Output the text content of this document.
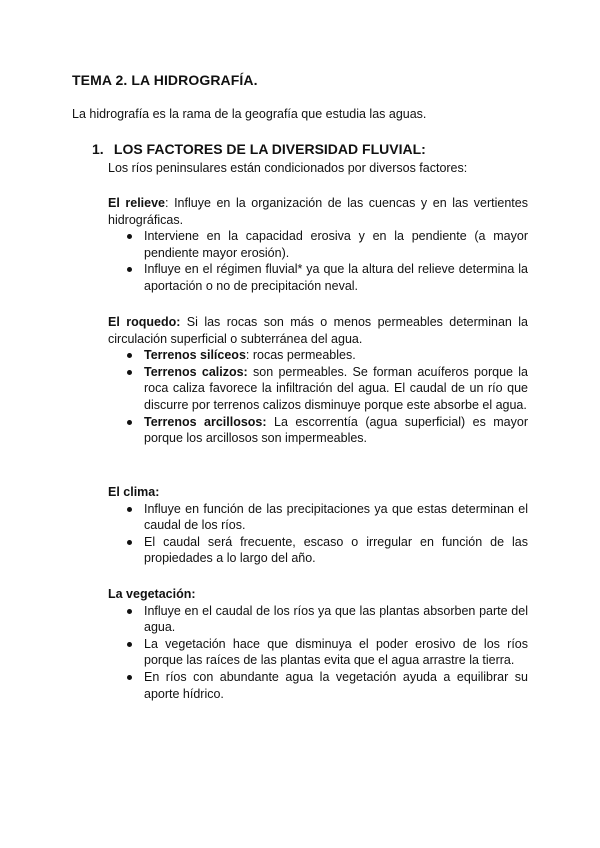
TEMA 2. LA HIDROGRAFÍA.
La hidrografía es la rama de la geografía que estudia las aguas.
1. LOS FACTORES DE LA DIVERSIDAD FLUVIAL:
Los ríos peninsulares están condicionados por diversos factores:

El relieve: Influye en la organización de las cuencas y en las vertientes hidrográficas.

Interviene en la capacidad erosiva y en la pendiente (a mayor pendiente mayor erosión).
Influye en el régimen fluvial* ya que la altura del relieve determina la aportación o no de precipitación neval.

El roquedo: Si las rocas son más o menos permeables determinan la circulación superficial o subterránea del agua.

Terrenos silíceos: rocas permeables.
Terrenos calizos: son permeables. Se forman acuíferos porque la roca caliza favorece la infiltración del agua. El caudal de un río que discurre por terrenos calizos disminuye porque este absorbe el agua.
Terrenos arcillosos: La escorrentía (agua superficial) es mayor porque los arcillosos son impermeables.

El clima:

Influye en función de las precipitaciones ya que estas determinan el caudal de los ríos.
El caudal será frecuente, escaso o irregular en función de las propiedades a lo largo del año.

La vegetación:

Influye en el caudal de los ríos ya que las plantas absorben parte del agua.
La vegetación hace que disminuya el poder erosivo de los ríos porque las raíces de las plantas evita que el agua arrastre la tierra.
En ríos con abundante agua la vegetación ayuda a equilibrar su aporte hídrico.
